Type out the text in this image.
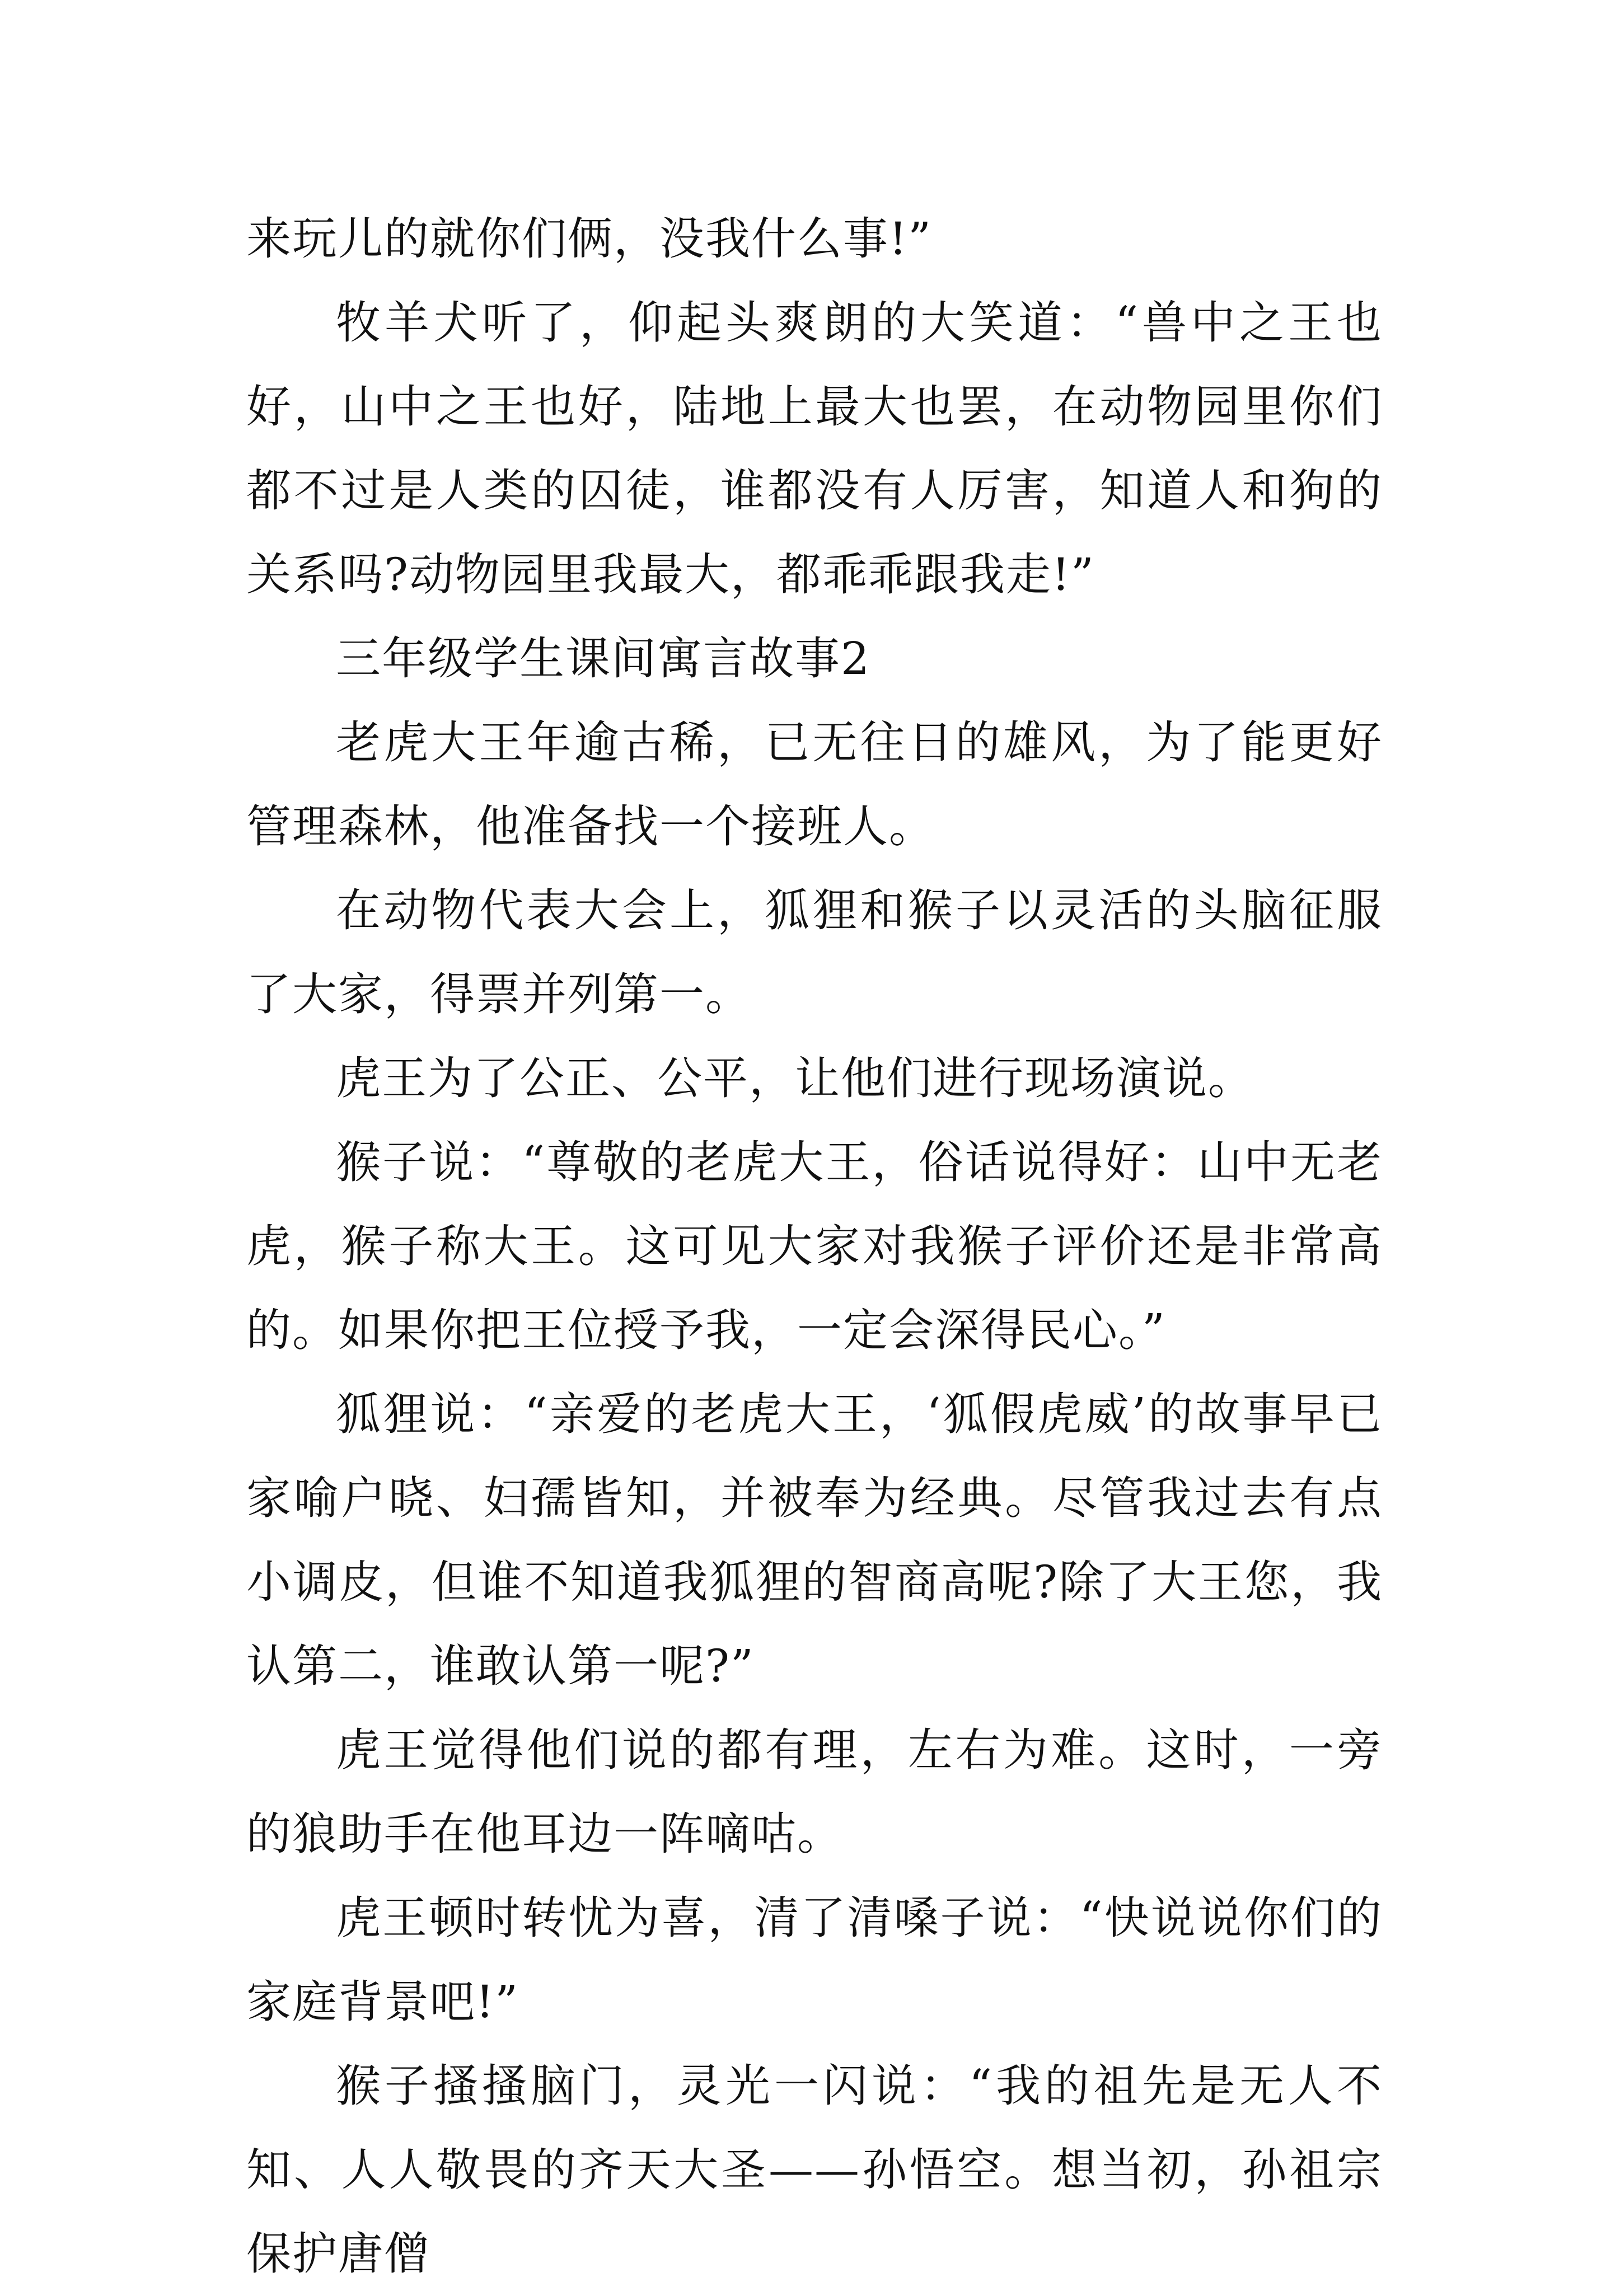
来玩儿的就你们俩，没我什么事!”

牧羊犬听了，仰起头爽朗的大笑道：“兽中之王也好，山中之王也好，陆地上最大也罢，在动物园里你们都不过是人类的囚徒，谁都没有人厉害，知道人和狗的关系吗?动物园里我最大，都乖乖跟我走!”

三年级学生课间寓言故事2

老虎大王年逾古稀，已无往日的雄风，为了能更好管理森林，他准备找一个接班人。

在动物代表大会上，狐狸和猴子以灵活的头脑征服了大家，得票并列第一。

虎王为了公正、公平，让他们进行现场演说。

猴子说：“尊敬的老虎大王，俗话说得好：山中无老虎，猴子称大王。这可见大家对我猴子评价还是非常高的。如果你把王位授予我，一定会深得民心。”

狐狸说：“亲爱的老虎大王，‘狐假虎威’的故事早已家喻户晓、妇孺皆知，并被奉为经典。尽管我过去有点小调皮，但谁不知道我狐狸的智商高呢?除了大王您，我认第二，谁敢认第一呢?”

虎王觉得他们说的都有理，左右为难。这时，一旁的狼助手在他耳边一阵嘀咕。

虎王顿时转忧为喜，清了清嗓子说：“快说说你们的家庭背景吧!”

猴子搔搔脑门，灵光一闪说：“我的祖先是无人不知、人人敬畏的齐天大圣——孙悟空。想当初，孙祖宗保护唐僧
